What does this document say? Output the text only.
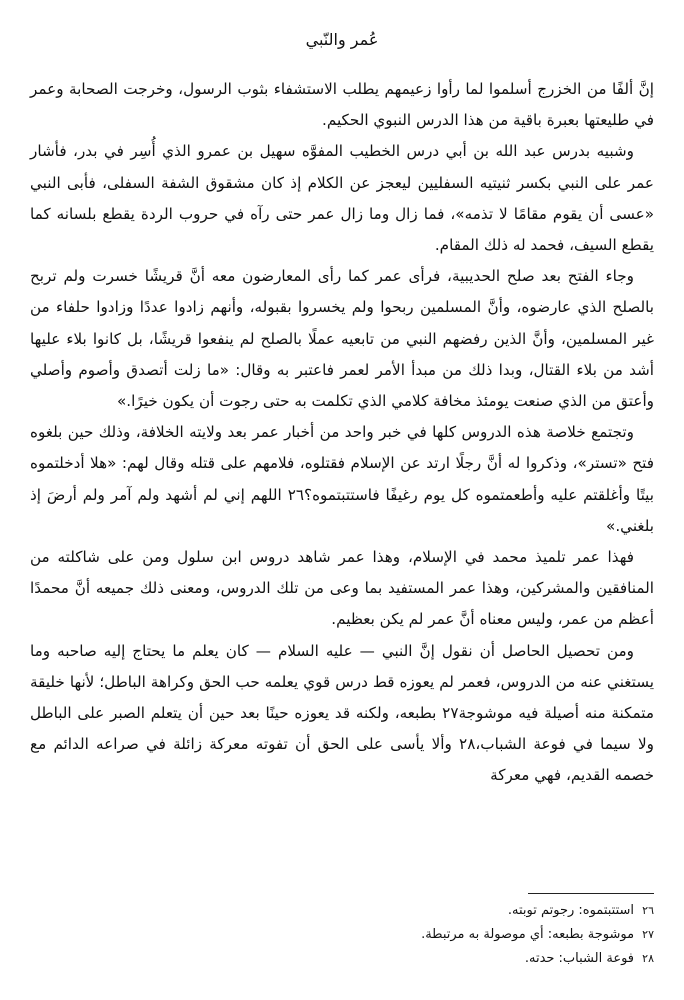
عُمر والنّبي

إنَّ ألفًا من الخزرج أسلموا لما رأوا زعيمهم يطلب الاستشفاء بثوب الرسول، وخرجت الصحابة وعمر في طليعتها بعبرة باقية من هذا الدرس النبوي الحكيم.

وشبيه بدرس عبد الله بن أبي درس الخطيب المفوَّه سهيل بن عمرو الذي أُسِر في بدر، فأشار عمر على النبي بكسر ثنيتيه السفليين ليعجز عن الكلام إذ كان مشقوق الشفة السفلى، فأبى النبي «عسى أن يقوم مقامًا لا تذمه»، فما زال وما زال عمر حتى رآه في حروب الردة يقطع بلسانه كما يقطع السيف، فحمد له ذلك المقام.

وجاء الفتح بعد صلح الحديبية، فرأى عمر كما رأى المعارضون معه أنَّ قريشًا خسرت ولم تربح بالصلح الذي عارضوه، وأنَّ المسلمين ربحوا ولم يخسروا بقبوله، وأنهم زادوا عددًا وزادوا حلفاء من غير المسلمين، وأنَّ الذين رفضهم النبي من تابعيه عملًا بالصلح لم ينفعوا قريشًا، بل كانوا بلاء عليها أشد من بلاء القتال، وبدا ذلك من مبدأ الأمر لعمر فاعتبر به وقال: «ما زلت أتصدق وأصوم وأصلي وأعتق من الذي صنعت يومئذ مخافة كلامي الذي تكلمت به حتى رجوت أن يكون خيرًا.»

وتجتمع خلاصة هذه الدروس كلها في خبر واحد من أخبار عمر بعد ولايته الخلافة، وذلك حين بلغوه فتح «تستر»، وذكروا له أنَّ رجلًا ارتد عن الإسلام فقتلوه، فلامهم على قتله وقال لهم: «هلا أدخلتموه بيتًا وأغلقتم عليه وأطعمتموه كل يوم رغيفًا فاستتبتموه؟٢٦ اللهم إني لم أشهد ولم آمر ولم أرضَ إذ بلغني.»

فهذا عمر تلميذ محمد في الإسلام، وهذا عمر شاهد دروس ابن سلول ومن على شاكلته من المنافقين والمشركين، وهذا عمر المستفيد بما وعى من تلك الدروس، ومعنى ذلك جميعه أنَّ محمدًا أعظم من عمر، وليس معناه أنَّ عمر لم يكن بعظيم.

ومن تحصيل الحاصل أن نقول إنَّ النبي — عليه السلام — كان يعلم ما يحتاج إليه صاحبه وما يستغني عنه من الدروس، فعمر لم يعوزه قط درس قوي يعلمه حب الحق وكراهة الباطل؛ لأنها خليقة متمكنة منه أصيلة فيه موشوجة٢٧ بطبعه، ولكنه قد يعوزه حينًا بعد حين أن يتعلم الصبر على الباطل ولا سيما في فوعة الشباب،٢٨ وألا يأسى على الحق أن تفوته معركة زائلة في صراعه الدائم مع خصمه القديم، فهي معركة

٢٦ استتبتموه: رجوتم توبته.
٢٧ موشوجة بطبعه: أي موصولة به مرتبطة.
٢٨ فوعة الشباب: حدته.
